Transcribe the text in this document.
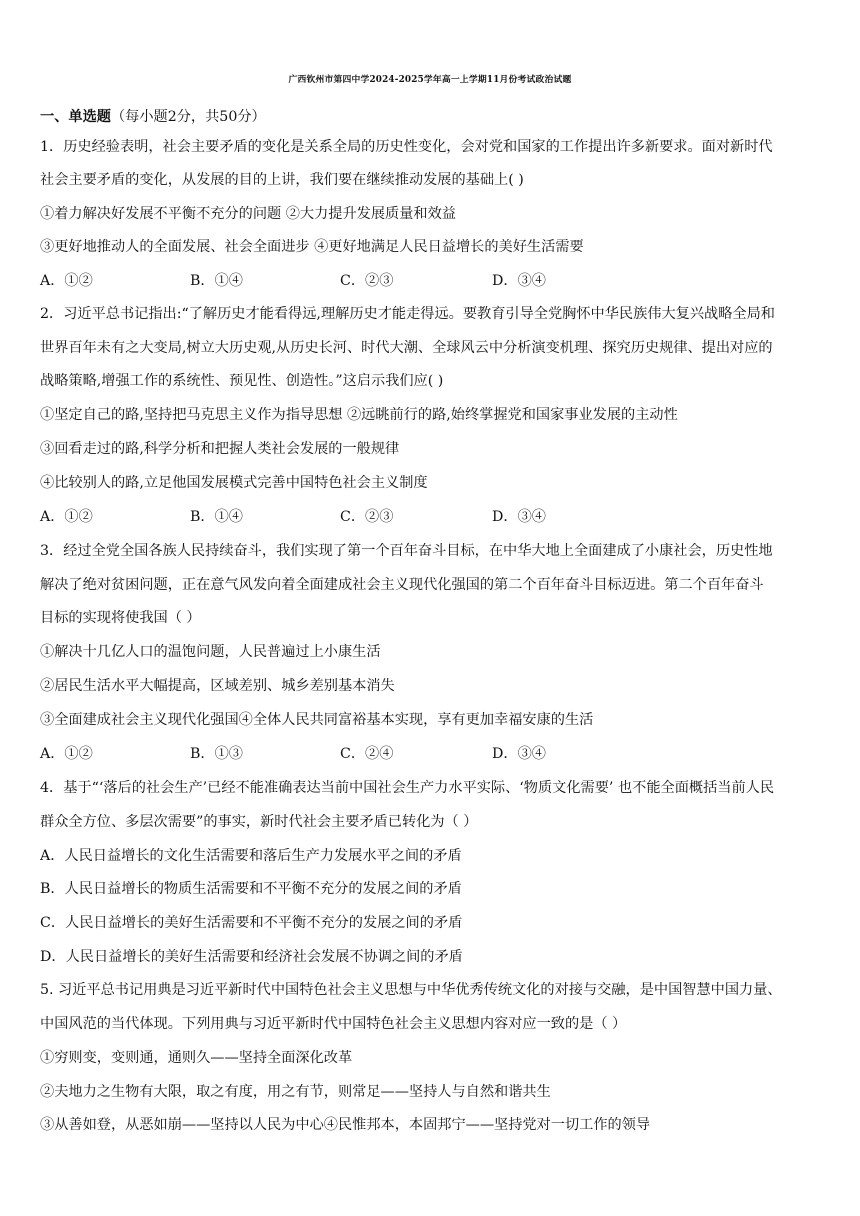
广西钦州市第四中学2024-2025学年高一上学期11月份考试政治试题
一、单选题（每小题2分，共50分）
1．历史经验表明，社会主要矛盾的变化是关系全局的历史性变化，会对党和国家的工作提出许多新要求。面对新时代
社会主要矛盾的变化，从发展的目的上讲，我们要在继续推动发展的基础上( )
①着力解决好发展不平衡不充分的问题 ②大力提升发展质量和效益
③更好地推动人的全面发展、社会全面进步 ④更好地满足人民日益增长的美好生活需要
A．①②	B．①④	C．②③	D．③④
2．习近平总书记指出:“了解历史才能看得远,理解历史才能走得远。要教育引导全党胸怀中华民族伟大复兴战略全局和
世界百年未有之大变局,树立大历史观,从历史长河、时代大潮、全球风云中分析演变机理、探究历史规律、提出对应的
战略策略,增强工作的系统性、预见性、创造性。”这启示我们应( )
①坚定自己的路,坚持把马克思主义作为指导思想 ②远眺前行的路,始终掌握党和国家事业发展的主动性
③回看走过的路,科学分析和把握人类社会发展的一般规律
④比较别人的路,立足他国发展模式完善中国特色社会主义制度
A．①②	B．①④	C．②③	D．③④
3．经过全党全国各族人民持续奋斗，我们实现了第一个百年奋斗目标，在中华大地上全面建成了小康社会，历史性地
解决了绝对贫困问题，正在意气风发向着全面建成社会主义现代化强国的第二个百年奋斗目标迈进。第二个百年奋斗
目标的实现将使我国（ ）
①解决十几亿人口的温饱问题，人民普遍过上小康生活
②居民生活水平大幅提高，区域差别、城乡差别基本消失
③全面建成社会主义现代化强国④全体人民共同富裕基本实现，享有更加幸福安康的生活
A．①②	B．①③	C．②④	D．③④
4．基于“‘落后的社会生产’已经不能准确表达当前中国社会生产力水平实际、‘物质文化需要’ 也不能全面概括当前人民
群众全方位、多层次需要”的事实，新时代社会主要矛盾已转化为（ ）
A．人民日益增长的文化生活需要和落后生产力发展水平之间的矛盾
B．人民日益增长的物质生活需要和不平衡不充分的发展之间的矛盾
C．人民日益增长的美好生活需要和不平衡不充分的发展之间的矛盾
D．人民日益增长的美好生活需要和经济社会发展不协调之间的矛盾
5. 习近平总书记用典是习近平新时代中国特色社会主义思想与中华优秀传统文化的对接与交融，是中国智慧中国力量、
中国风范的当代体现。下列用典与习近平新时代中国特色社会主义思想内容对应一致的是（ ）
①穷则变，变则通，通则久——坚持全面深化改革
②夫地力之生物有大限，取之有度，用之有节，则常足——坚持人与自然和谐共生
③从善如登，从恶如崩——坚持以人民为中心④民惟邦本，本固邦宁——坚持党对一切工作的领导
